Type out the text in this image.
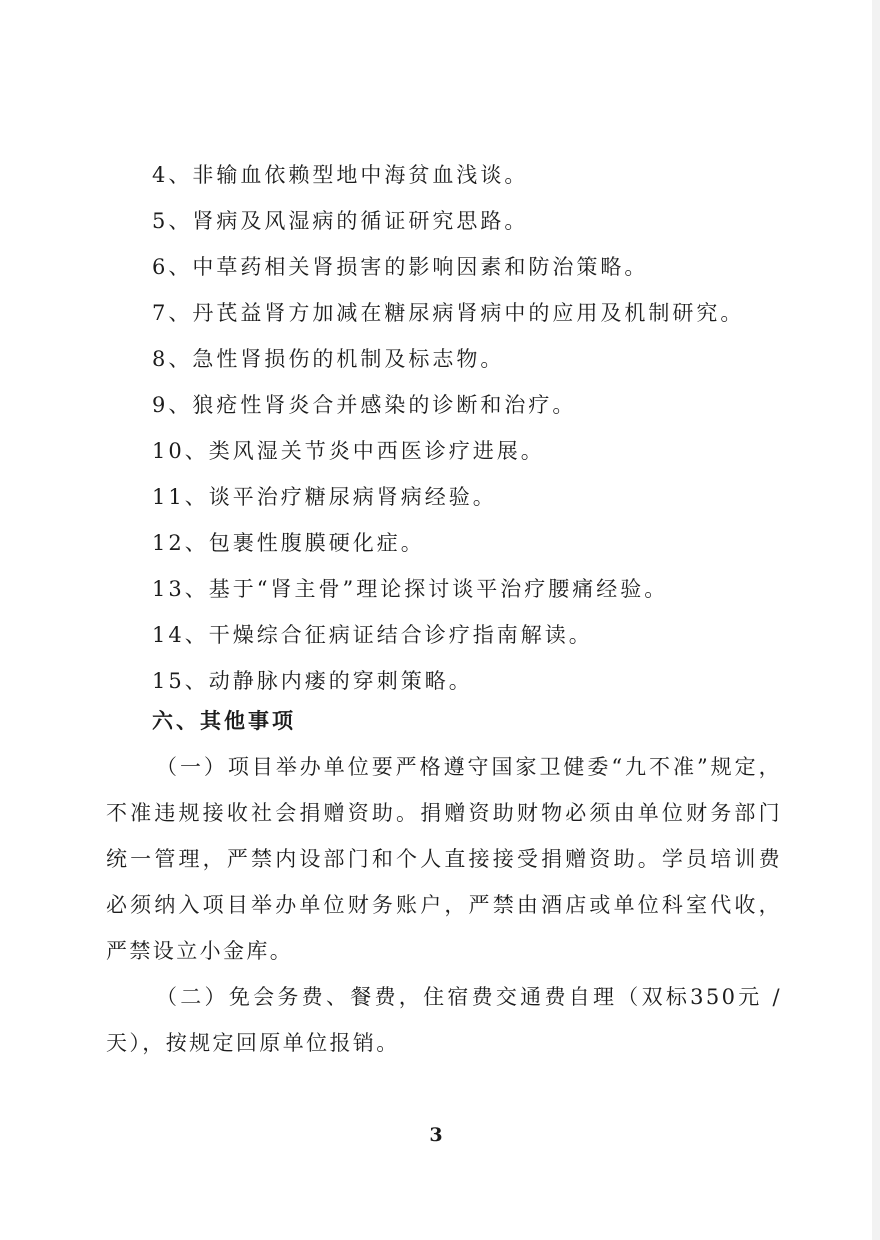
4、非输血依赖型地中海贫血浅谈。
5、肾病及风湿病的循证研究思路。
6、中草药相关肾损害的影响因素和防治策略。
7、丹芪益肾方加减在糖尿病肾病中的应用及机制研究。
8、急性肾损伤的机制及标志物。
9、狼疮性肾炎合并感染的诊断和治疗。
10、类风湿关节炎中西医诊疗进展。
11、谈平治疗糖尿病肾病经验。
12、包裹性腹膜硬化症。
13、基于“肾主骨”理论探讨谈平治疗腰痛经验。
14、干燥综合征病证结合诊疗指南解读。
15、动静脉内瘘的穿刺策略。
六、其他事项

（一）项目举办单位要严格遵守国家卫健委“九不准”规定，不准违规接收社会捐赠资助。捐赠资助财物必须由单位财务部门统一管理，严禁内设部门和个人直接接受捐赠资助。学员培训费必须纳入项目举办单位财务账户，严禁由酒店或单位科室代收，严禁设立小金库。

（二）免会务费、餐费，住宿费交通费自理（双标350元 /天），按规定回原单位报销。

3
